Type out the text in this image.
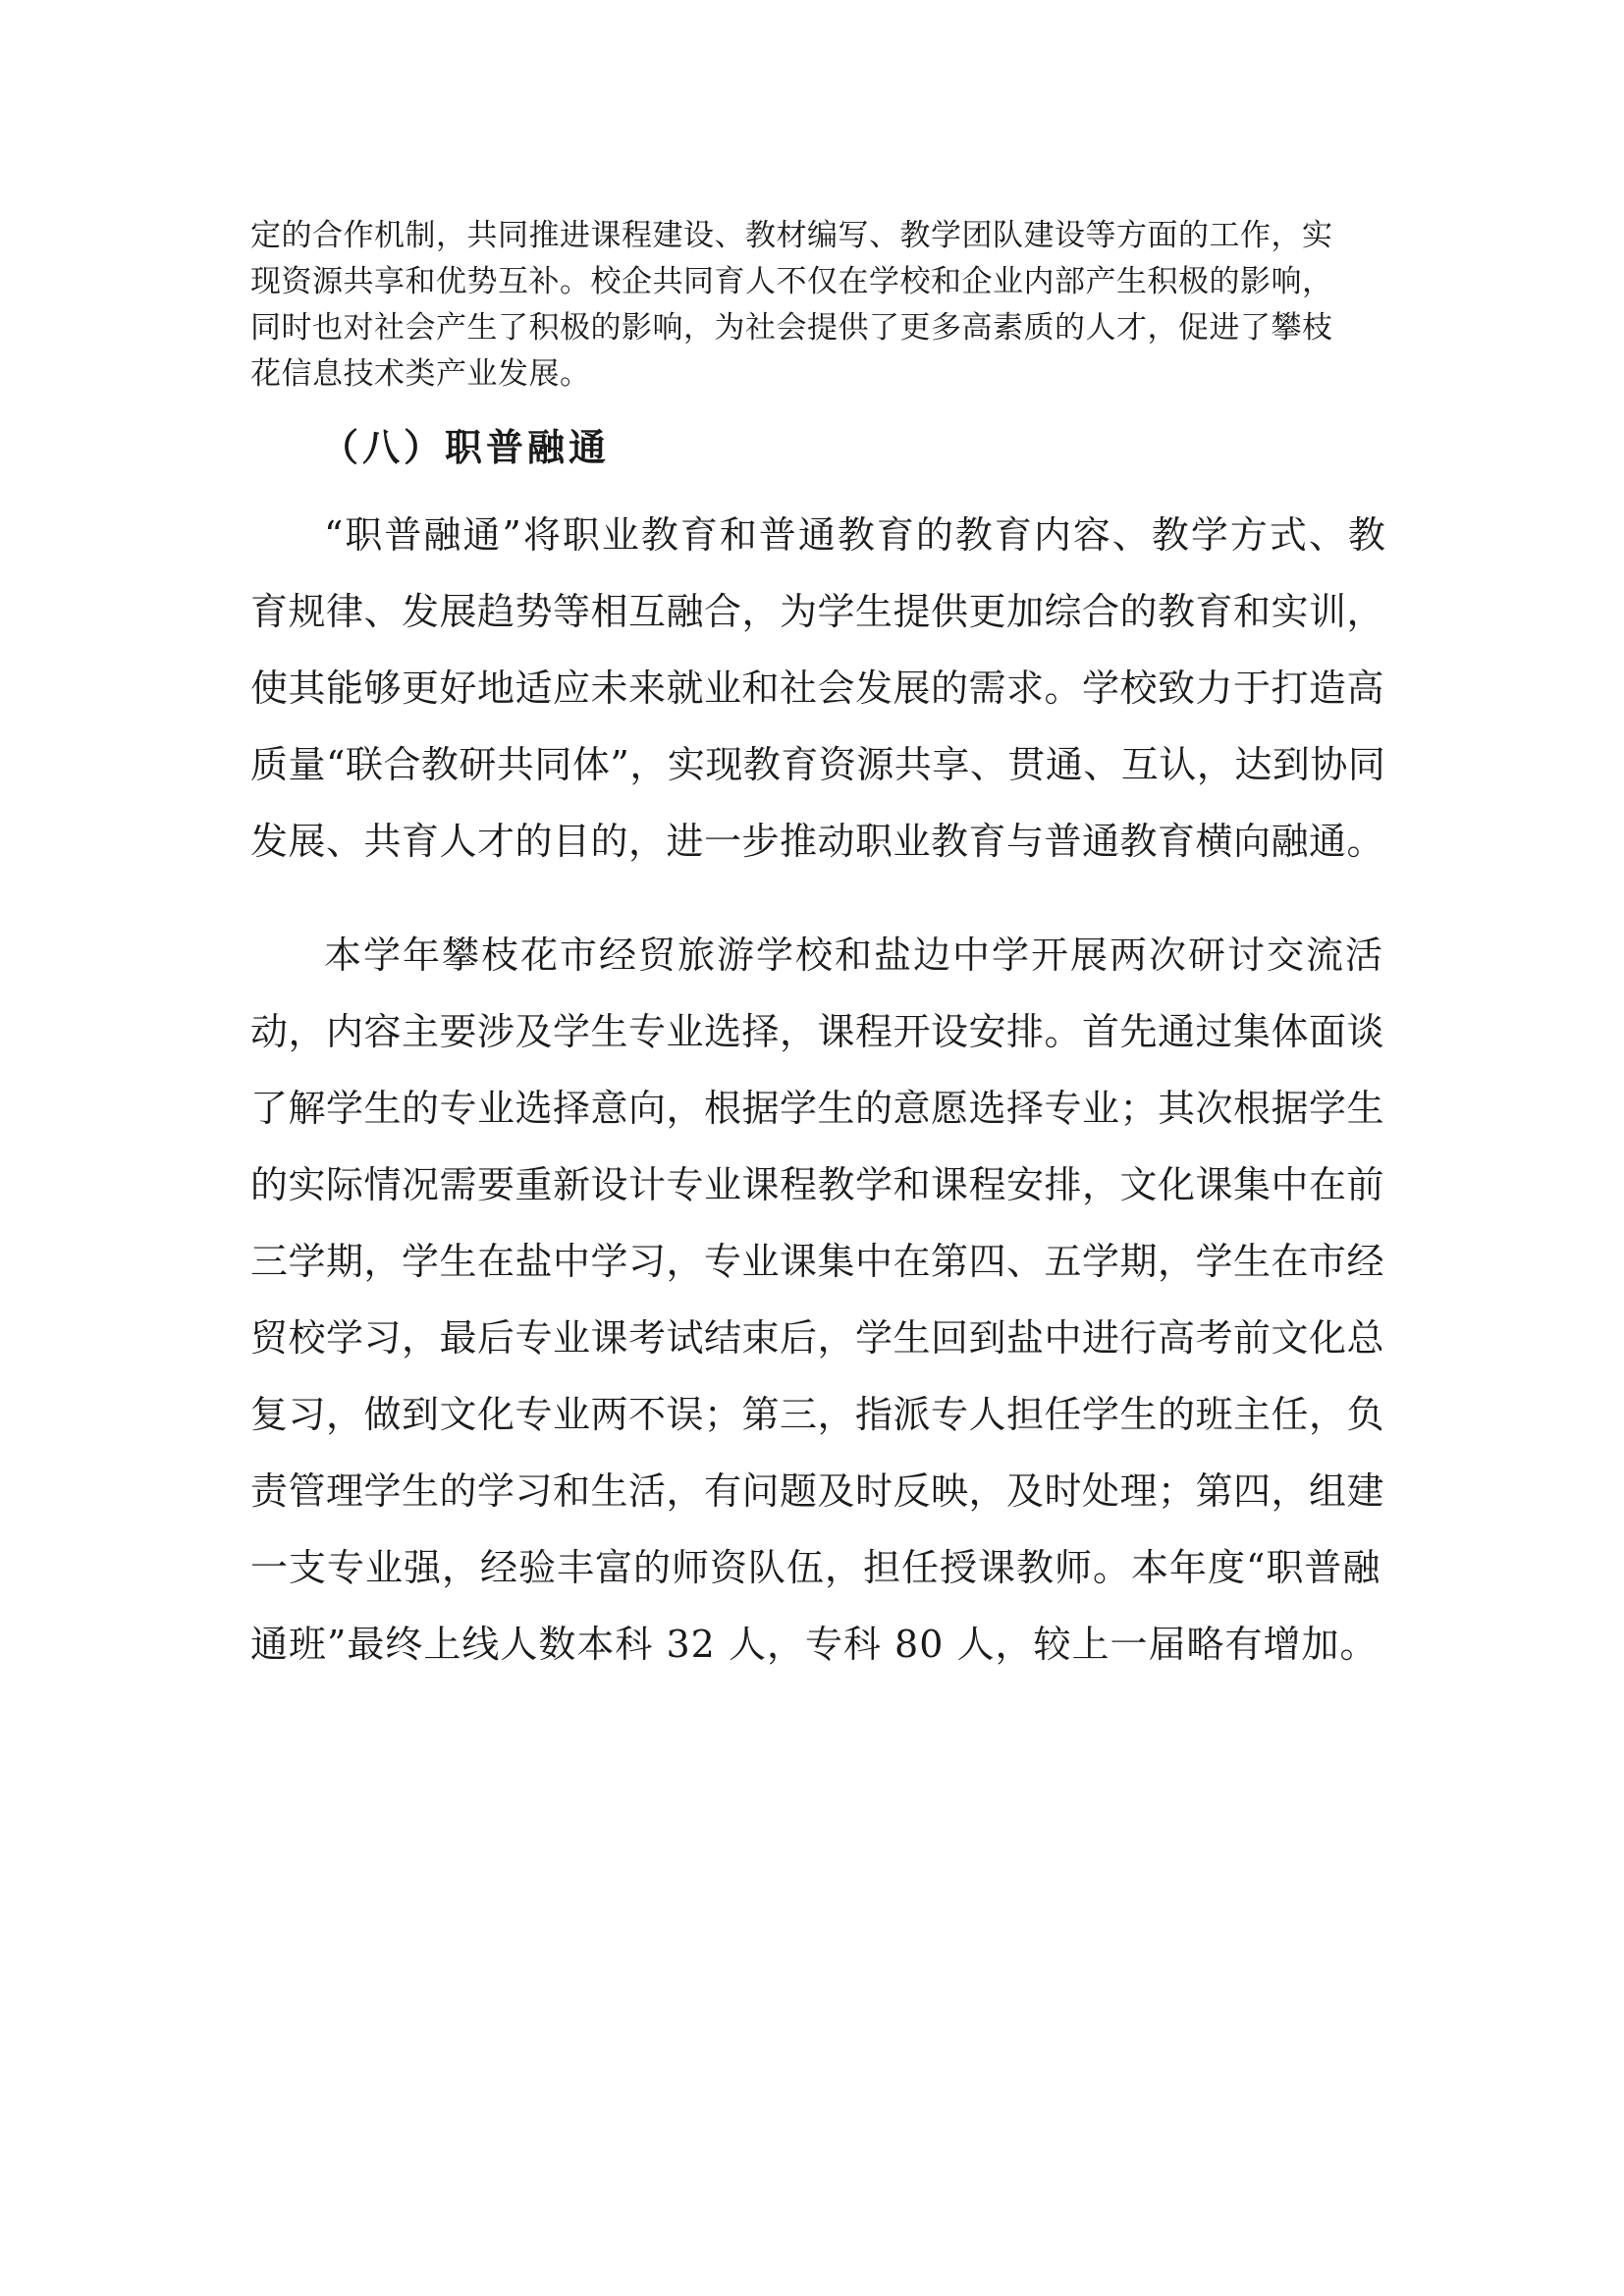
定的合作机制，共同推进课程建设、教材编写、教学团队建设等方面的工作，实
现资源共享和优势互补。校企共同育人不仅在学校和企业内部产生积极的影响，
同时也对社会产生了积极的影响，为社会提供了更多高素质的人才，促进了攀枝
花信息技术类产业发展。
（八）职普融通
“职普融通”将职业教育和普通教育的教育内容、教学方式、教
育规律、发展趋势等相互融合，为学生提供更加综合的教育和实训，
使其能够更好地适应未来就业和社会发展的需求。学校致力于打造高
质量“联合教研共同体”，实现教育资源共享、贯通、互认，达到协同
发展、共育人才的目的，进一步推动职业教育与普通教育横向融通。
本学年攀枝花市经贸旅游学校和盐边中学开展两次研讨交流活
动，内容主要涉及学生专业选择，课程开设安排。首先通过集体面谈
了解学生的专业选择意向，根据学生的意愿选择专业；其次根据学生
的实际情况需要重新设计专业课程教学和课程安排，文化课集中在前
三学期，学生在盐中学习，专业课集中在第四、五学期，学生在市经
贸校学习，最后专业课考试结束后，学生回到盐中进行高考前文化总
复习，做到文化专业两不误；第三，指派专人担任学生的班主任，负
责管理学生的学习和生活，有问题及时反映，及时处理；第四，组建
一支专业强，经验丰富的师资队伍，担任授课教师。本年度“职普融
通班”最终上线人数本科 32 人，专科 80 人，较上一届略有增加。
